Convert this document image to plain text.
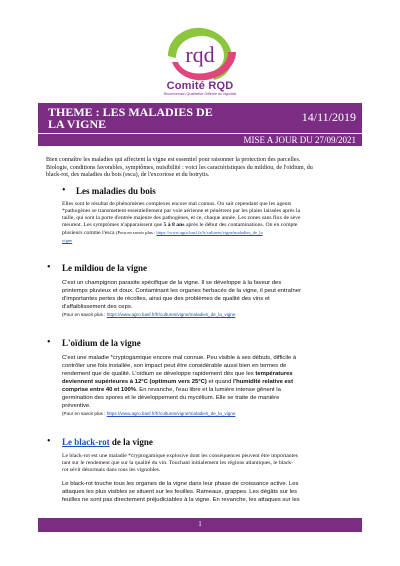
rqd
Comité RQD
Reconversion Qualitative Différée du vignoble
THEME : LES MALADIES DE
LA VIGNE	14/11/2019
MISE A JOUR DU 27/09/2021
Bien connaître les maladies qui affectent la vigne est essentiel pour raisonner la protection des parcelles.
Biologie, conditions favorables, symptômes, nuisibilité : voici les caractéristiques du mildiou, de l'oïdium, du
black-rot, des maladies du bois (esca), de l'excoriose et du botrytis.
• Les maladies du bois
Elles sont le résultat de phénomènes complexes encore mal connus. On sait cependant que les agents
*pathogènes se transmettent essentiellement par voie aérienne et pénètrent par les plaies laissées après la
taille, qui sont la porte d'entrée majeure des pathogènes, et ce, chaque année. Les zones sans flux de sève
meurent. Les symptômes n'apparaissent que 5 à 8 ans après le début des contaminations. On en compte
plusieurs comme l'esca (Pour en savoir plus : https://www.agro.basf.fr/fr/cultures/vigne/maladies_de_la
vigne
• Le mildiou de la vigne
C'est un champignon parasite spécifique de la vigne. Il se développe à la faveur des
printemps pluvieux et doux. Contaminant les organes herbacés de la vigne, il peut entraîner
d'importantes pertes de récoltes, ainsi que des problèmes de qualité des vins et
d'affaiblissement des ceps.
(Pour en savoir plus : https://www.agro.basf.fr/fr/cultures/vigne/maladies_de_la_vigne
• L'oïdium de la vigne
C'est une maladie *cryptogamique encore mal connue. Peu visible à ses débuts, difficile à
contrôler une fois installée, son impact peut être considérable aussi bien en termes de
rendement que de qualité. L'oïdium se développe rapidement dès que les températures
deviennent supérieures à 12°C (optimum vers 25°C) et quand l'humidité relative est
comprise entre 40 et 100%. En revanche, l'eau libre et la lumière intense gênent la
germination des spores et le développement du mycélium. Elle se traite de manière
préventive.
(Pour en savoir plus : https://www.agro.basf.fr/fr/cultures/vigne/maladies_de_la_vigne
• Le black-rot de la vigne
Le black-rot est une maladie *cryptogamique explosive dont les conséquences peuvent être importantes
tant sur le rendement que sur la qualité du vin. Touchant initialement les régions atlantiques, le black-
rot sévit désormais dans tous les vignobles.
Le black-rot touche tous les organes de la vigne dans leur phase de croissance active. Les
attaques les plus visibles se situent sur les feuilles. Rameaux, grappes. Les dégâts sur les
feuilles ne sont pas directement préjudiciables à la vigne. En revanche, les attaques sur les
1
